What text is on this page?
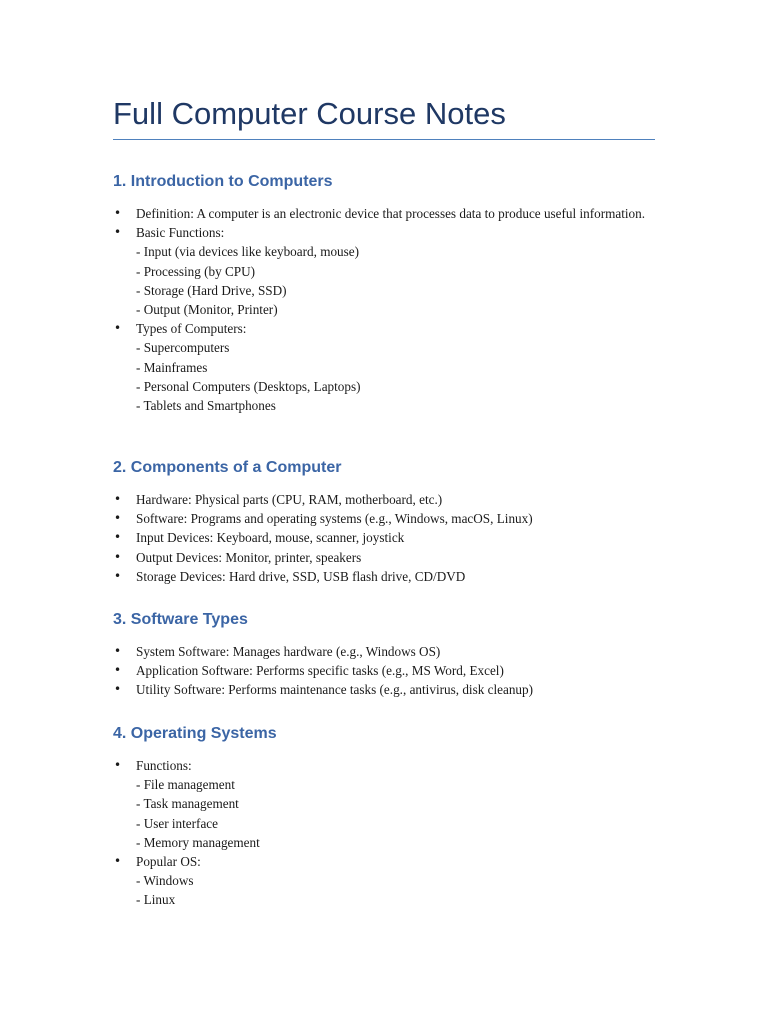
Full Computer Course Notes
1. Introduction to Computers
• Definition: A computer is an electronic device that processes data to produce useful information.
• Basic Functions:
- Input (via devices like keyboard, mouse)
- Processing (by CPU)
- Storage (Hard Drive, SSD)
- Output (Monitor, Printer)
• Types of Computers:
- Supercomputers
- Mainframes
- Personal Computers (Desktops, Laptops)
- Tablets and Smartphones
2. Components of a Computer
• Hardware: Physical parts (CPU, RAM, motherboard, etc.)
• Software: Programs and operating systems (e.g., Windows, macOS, Linux)
• Input Devices: Keyboard, mouse, scanner, joystick
• Output Devices: Monitor, printer, speakers
• Storage Devices: Hard drive, SSD, USB flash drive, CD/DVD
3. Software Types
• System Software: Manages hardware (e.g., Windows OS)
• Application Software: Performs specific tasks (e.g., MS Word, Excel)
• Utility Software: Performs maintenance tasks (e.g., antivirus, disk cleanup)
4. Operating Systems
• Functions:
- File management
- Task management
- User interface
- Memory management
• Popular OS:
- Windows
- Linux
